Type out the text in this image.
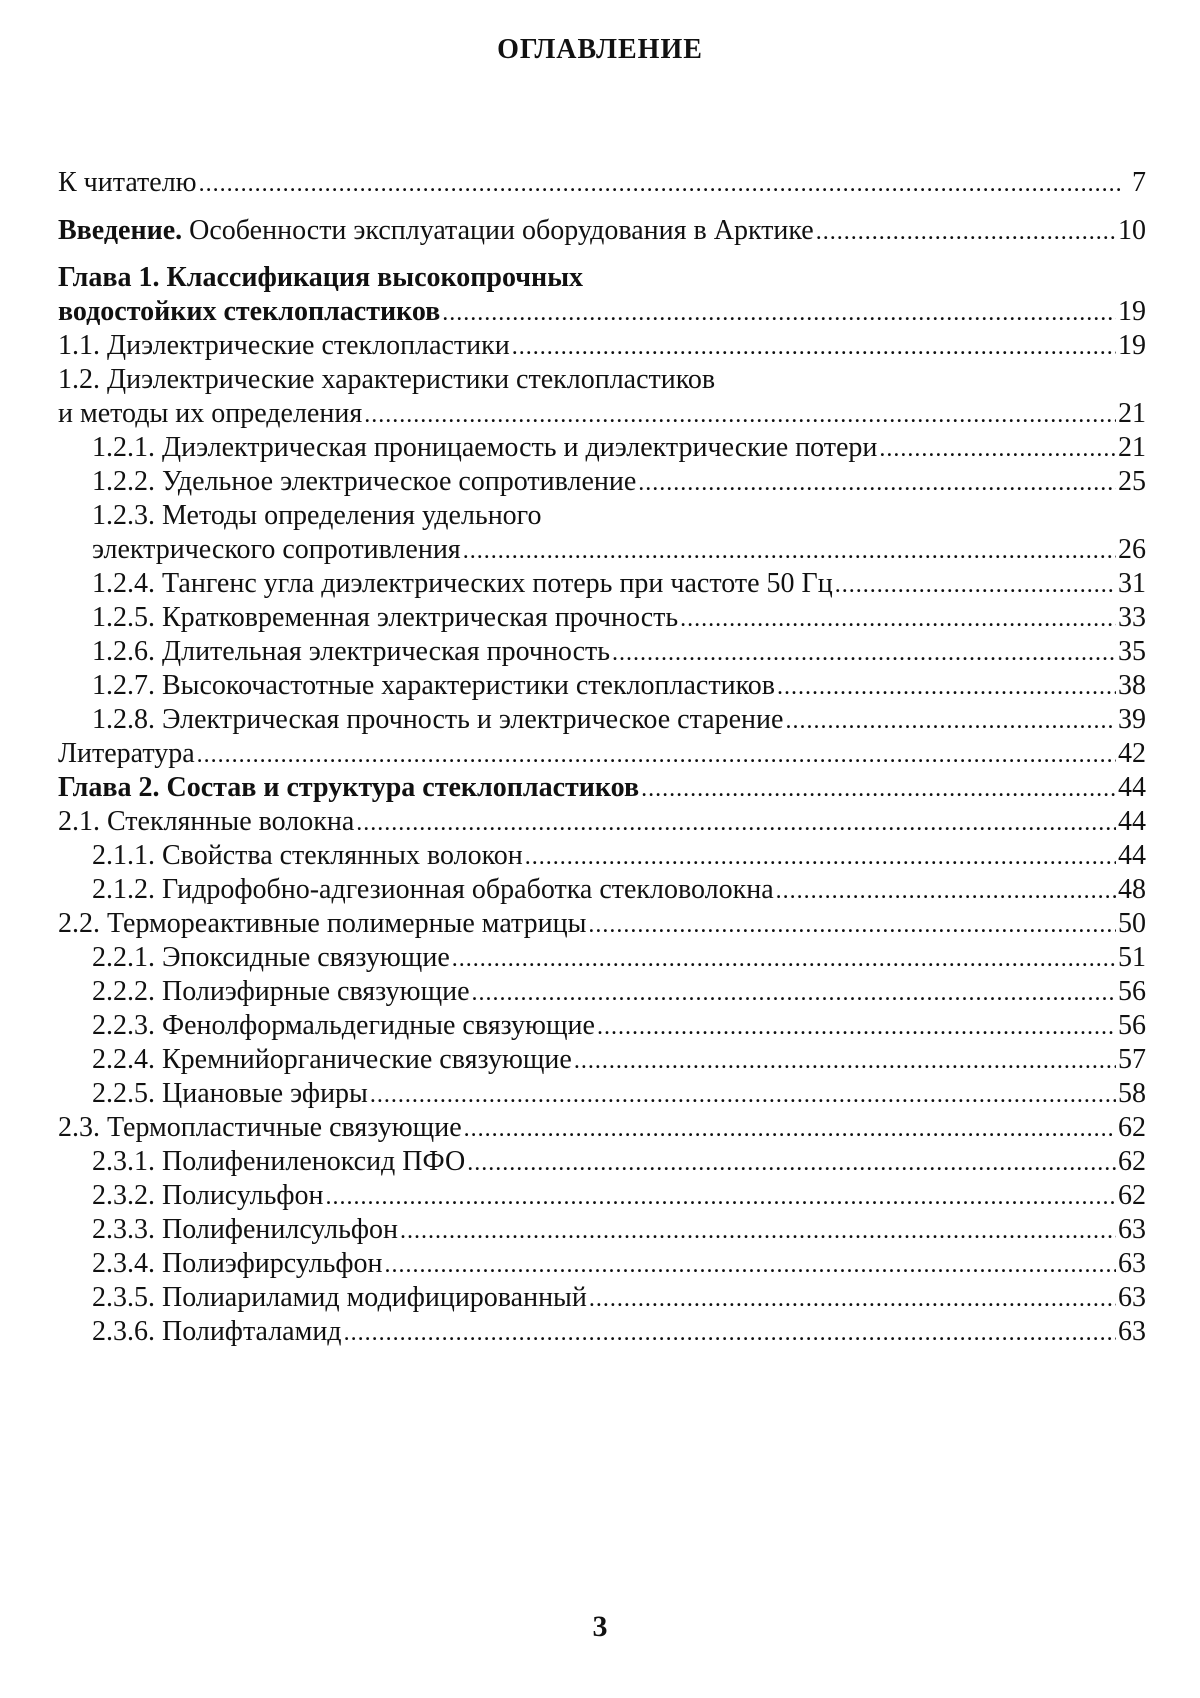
ОГЛАВЛЕНИЕ
К читателю .....	7
Введение. Особенности эксплуатации оборудования в Арктике .....	10
Глава 1. Классификация высокопрочных
водостойких стеклопластиков .....	19
1.1. Диэлектрические стеклопластики .....	19
1.2. Диэлектрические характеристики стеклопластиков
и методы их определения .....	21
1.2.1. Диэлектрическая проницаемость и диэлектрические потери .....	21
1.2.2. Удельное электрическое сопротивление .....	25
1.2.3. Методы определения удельного
электрического сопротивления .....	26
1.2.4. Тангенс угла диэлектрических потерь при частоте 50 Гц .....	31
1.2.5. Кратковременная электрическая прочность .....	33
1.2.6. Длительная электрическая прочность .....	35
1.2.7. Высокочастотные характеристики стеклопластиков .....	38
1.2.8. Электрическая прочность и электрическое старение .....	39
Литература .....	42
Глава 2. Состав и структура стеклопластиков .....	44
2.1. Стеклянные волокна .....	44
2.1.1. Свойства стеклянных волокон .....	44
2.1.2. Гидрофобно-адгезионная обработка стекловолокна .....	48
2.2. Термореактивные полимерные матрицы .....	50
2.2.1. Эпоксидные связующие .....	51
2.2.2. Полиэфирные связующие .....	56
2.2.3. Фенолформальдегидные связующие .....	56
2.2.4. Кремнийорганические связующие .....	57
2.2.5. Циановые эфиры .....	58
2.3. Термопластичные связующие .....	62
2.3.1. Полифениленоксид ПФО .....	62
2.3.2. Полисульфон .....	62
2.3.3. Полифенилсульфон .....	63
2.3.4. Полиэфирсульфон .....	63
2.3.5. Полиариламид модифицированный .....	63
2.3.6. Полифталамид .....	63
3
